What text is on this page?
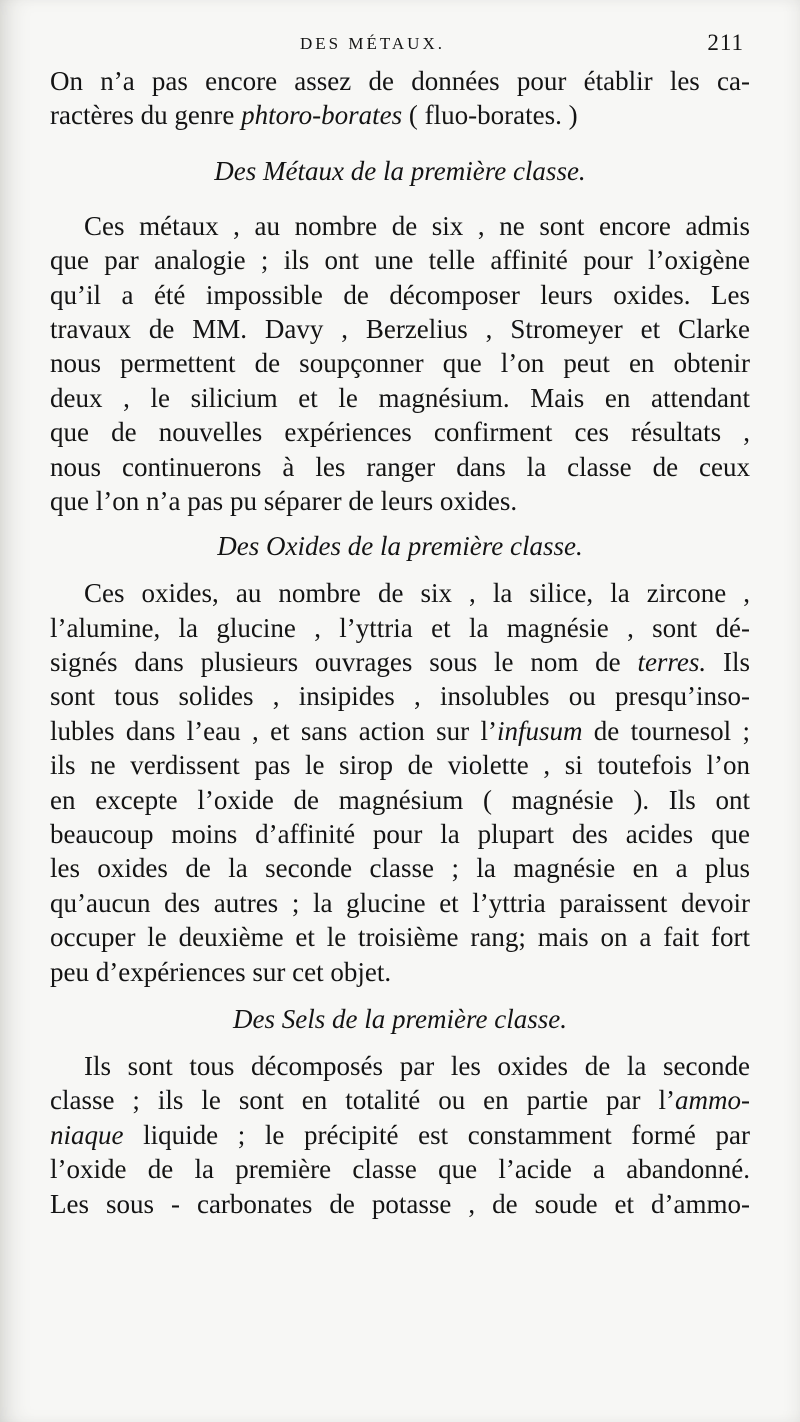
DES MÉTAUX.	211
On n’a pas encore assez de données pour établir les ca-
ractères du genre phtoro-borates ( fluo-borates. )
Des Métaux de la première classe.
Ces métaux , au nombre de six , ne sont encore admis
que par analogie ; ils ont une telle affinité pour l’oxigène
qu’il a été impossible de décomposer leurs oxides. Les
travaux de MM. Davy , Berzelius , Stromeyer et Clarke
nous permettent de soupçonner que l’on peut en obtenir
deux , le silicium et le magnésium. Mais en attendant
que de nouvelles expériences confirment ces résultats ,
nous continuerons à les ranger dans la classe de ceux
que l’on n’a pas pu séparer de leurs oxides.
Des Oxides de la première classe.
Ces oxides, au nombre de six , la silice, la zircone ,
l’alumine, la glucine , l’yttria et la magnésie , sont dé-
signés dans plusieurs ouvrages sous le nom de terres. Ils
sont tous solides , insipides , insolubles ou presqu’inso-
lubles dans l’eau , et sans action sur l’infusum de tournesol ;
ils ne verdissent pas le sirop de violette , si toutefois l’on
en excepte l’oxide de magnésium ( magnésie ). Ils ont
beaucoup moins d’affinité pour la plupart des acides que
les oxides de la seconde classe ; la magnésie en a plus
qu’aucun des autres ; la glucine et l’yttria paraissent devoir
occuper le deuxième et le troisième rang; mais on a fait fort
peu d’expériences sur cet objet.
Des Sels de la première classe.
Ils sont tous décomposés par les oxides de la seconde
classe ; ils le sont en totalité ou en partie par l’ammo-
niaque liquide ; le précipité est constamment formé par
l’oxide de la première classe que l’acide a abandonné.
Les sous - carbonates de potasse , de soude et d’ammo-
